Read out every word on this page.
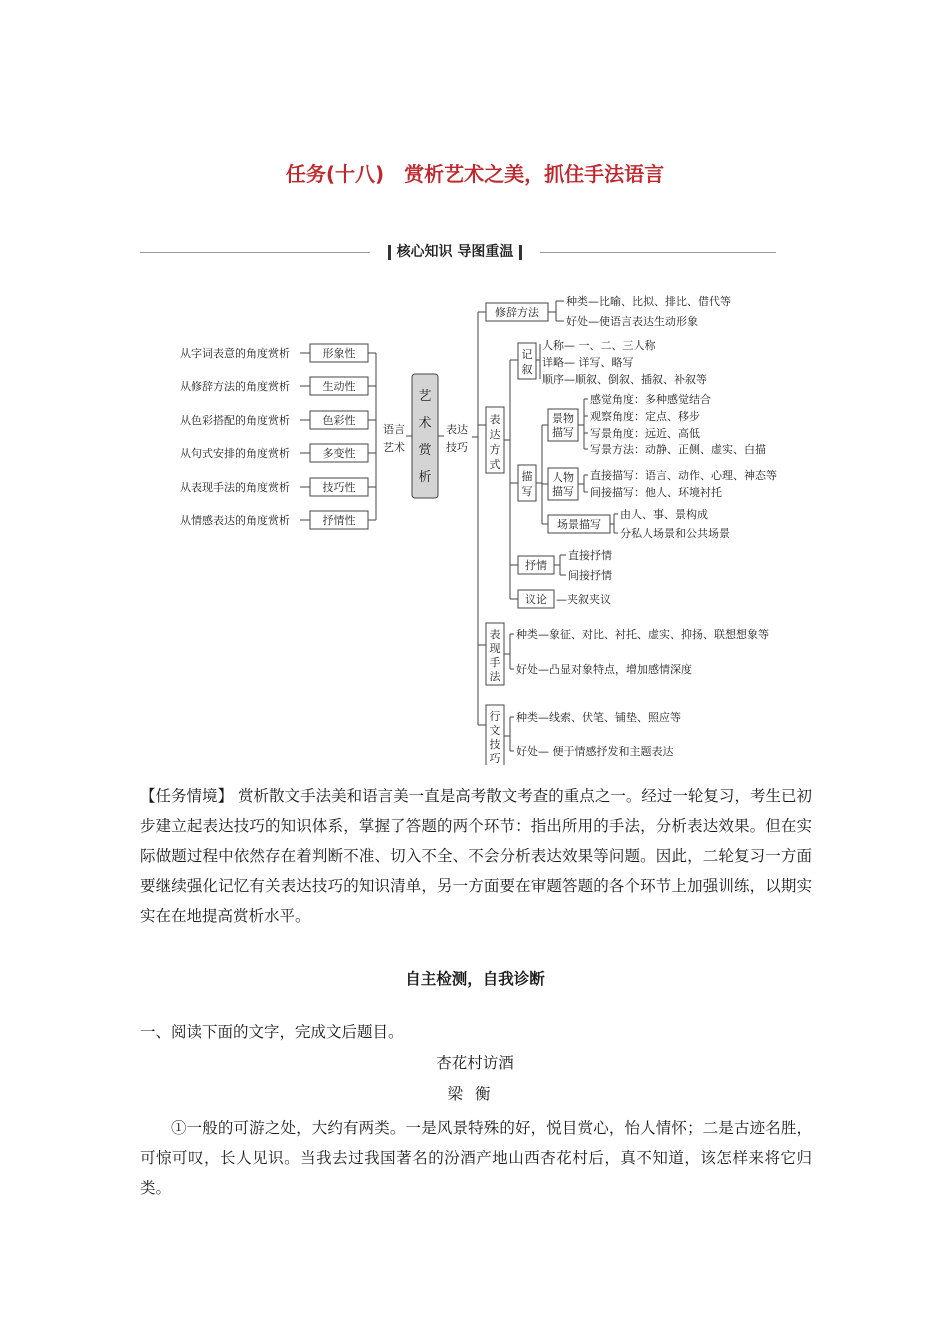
任务(十八)　赏析艺术之美，抓住手法语言
核心知识 导图重温
从字词表意的角度赏析	形象性
从修辞方法的角度赏析	生动性
从色彩搭配的角度赏析	色彩性
从句式安排的角度赏析	多变性
从表现手法的角度赏析	技巧性
从情感表达的角度赏析	抒情性
语言
艺术
艺
术
赏
析
表达
技巧
修辞方法
种类—比喻、比拟、排比、借代等
好处—使语言表达生动形象
表
达
方
式
记
叙
人称— 一、二、三人称
详略— 详写、略写
顺序—顺叙、倒叙、插叙、补叙等
描
写
景物
描写
感觉角度：多种感觉结合
观察角度：定点、移步
写景角度：远近、高低
写景方法：动静、正侧、虚实、白描
人物
描写
直接描写：语言、动作、心理、神态等
间接描写：他人、环境衬托
场景描写
由人、事、景构成
分私人场景和公共场景
抒情
直接抒情
间接抒情
议论 —夹叙夹议
表
现
手
法
种类—象征、对比、衬托、虚实、抑扬、联想想象等
好处—凸显对象特点，增加感情深度
行
文
技
巧
种类—线索、伏笔、铺垫、照应等
好处— 便于情感抒发和主题表达
【任务情境】 赏析散文手法美和语言美一直是高考散文考查的重点之一。经过一轮复习，考生已初步建立起表达技巧的知识体系，掌握了答题的两个环节：指出所用的手法，分析表达效果。但在实际做题过程中依然存在着判断不准、切入不全、不会分析表达效果等问题。因此，二轮复习一方面要继续强化记忆有关表达技巧的知识清单，另一方面要在审题答题的各个环节上加强训练，以期实实在在地提高赏析水平。
自主检测，自我诊断
一、阅读下面的文字，完成文后题目。
杏花村访酒
梁衡
①一般的可游之处，大约有两类。一是风景特殊的好，悦目赏心，怡人情怀；二是古迹名胜，可惊可叹，长人见识。当我去过我国著名的汾酒产地山西杏花村后，真不知道，该怎样来将它归类。
